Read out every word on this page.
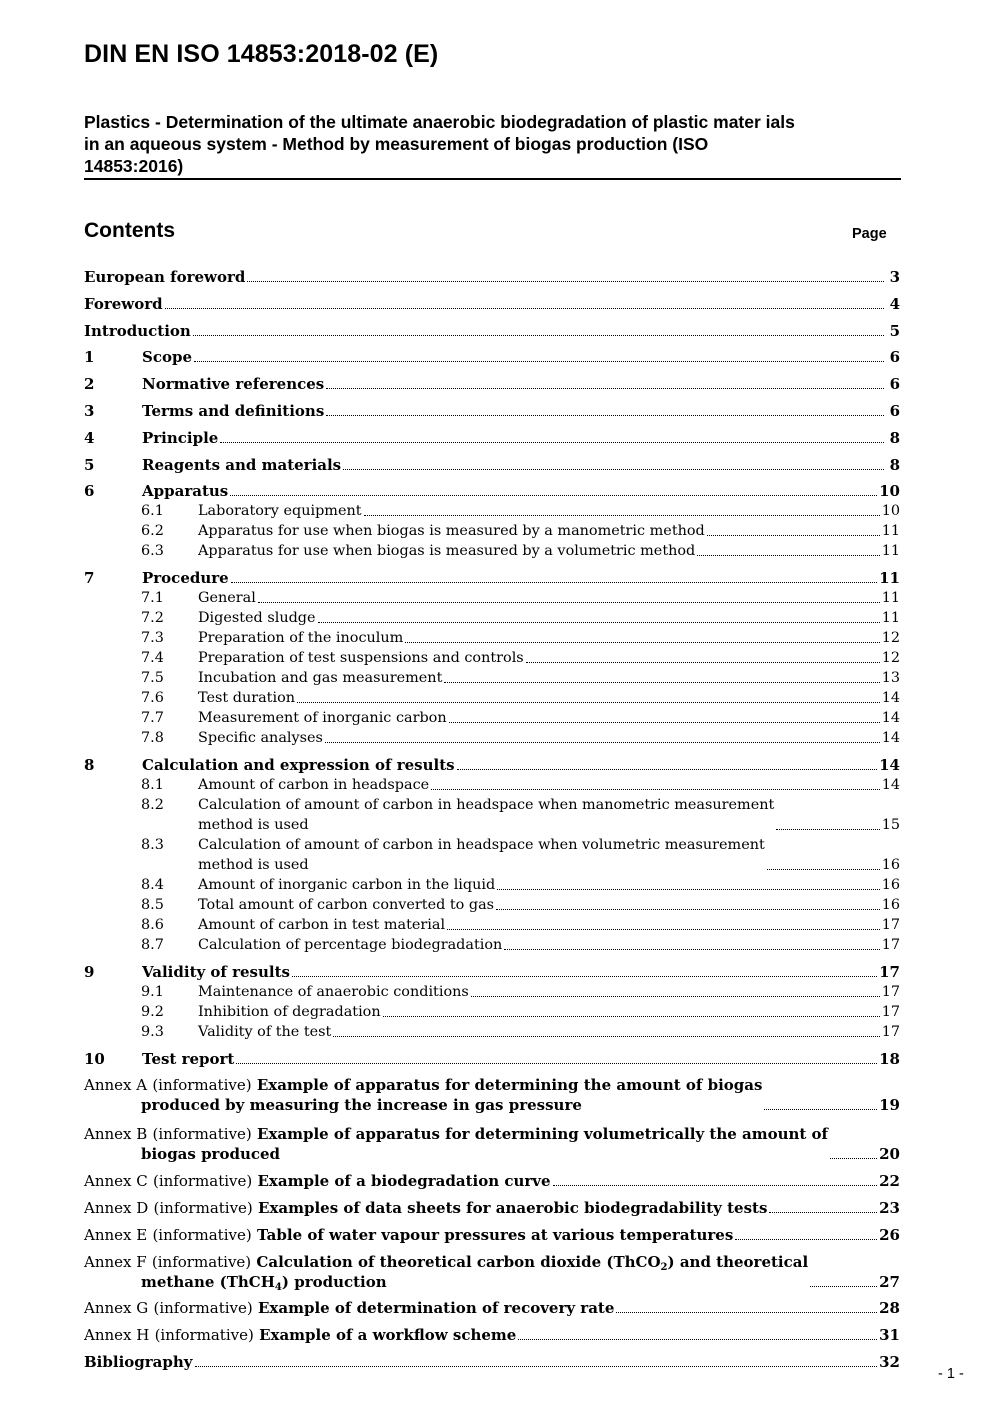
DIN EN ISO 14853:2018-02 (E)
Plastics - Determination of the ultimate anaerobic biodegradation of plastic mater ials
in an aqueous system - Method by measurement of biogas production (ISO
14853:2016)
Contents	Page
European foreword	3
Foreword	4
Introduction	5
1	Scope	6
2	Normative references	6
3	Terms and definitions	6
4	Principle	8
5	Reagents and materials	8
6	Apparatus	10
6.1	Laboratory equipment	10
6.2	Apparatus for use when biogas is measured by a manometric method	11
6.3	Apparatus for use when biogas is measured by a volumetric method	11
7	Procedure	11
7.1	General	11
7.2	Digested sludge	11
7.3	Preparation of the inoculum	12
7.4	Preparation of test suspensions and controls	12
7.5	Incubation and gas measurement	13
7.6	Test duration	14
7.7	Measurement of inorganic carbon	14
7.8	Specific analyses	14
8	Calculation and expression of results	14
8.1	Amount of carbon in headspace	14
8.2	Calculation of amount of carbon in headspace when manometric measurement
method is used	15
8.3	Calculation of amount of carbon in headspace when volumetric measurement
method is used	16
8.4	Amount of inorganic carbon in the liquid	16
8.5	Total amount of carbon converted to gas	16
8.6	Amount of carbon in test material	17
8.7	Calculation of percentage biodegradation	17
9	Validity of results	17
9.1	Maintenance of anaerobic conditions	17
9.2	Inhibition of degradation	17
9.3	Validity of the test	17
10	Test report	18
Annex A (informative) Example of apparatus for determining the amount of biogas
produced by measuring the increase in gas pressure	19
Annex B (informative) Example of apparatus for determining volumetrically the amount of
biogas produced	20
Annex C (informative) Example of a biodegradation curve	22
Annex D (informative) Examples of data sheets for anaerobic biodegradability tests	23
Annex E (informative) Table of water vapour pressures at various temperatures	26
Annex F (informative) Calculation of theoretical carbon dioxide (ThCO$_2$) and theoretical
methane (ThCH$_4$) production	27
Annex G (informative) Example of determination of recovery rate	28
Annex H (informative) Example of a workflow scheme	31
Bibliography	32
- 1 -
